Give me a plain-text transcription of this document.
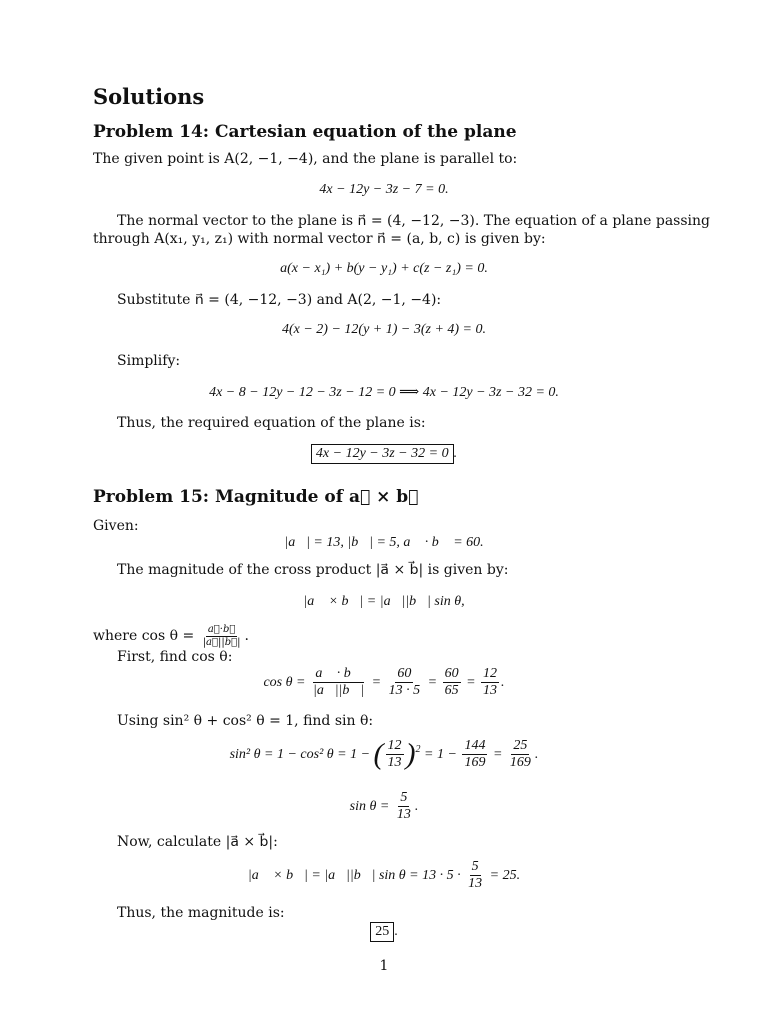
Solutions
Problem 14: Cartesian equation of the plane
The given point is A(2, −1, −4), and the plane is parallel to:
4x − 12y − 3z − 7 = 0.
The normal vector to the plane is n⃗ = (4, −12, −3). The equation of a plane passing
through A(x₁, y₁, z₁) with normal vector n⃗ = (a, b, c) is given by:
a(x − x₁) + b(y − y₁) + c(z − z₁) = 0.
Substitute n⃗ = (4, −12, −3) and A(2, −1, −4):
4(x − 2) − 12(y + 1) − 3(z + 4) = 0.
Simplify:
4x − 8 − 12y − 12 − 3z − 12 = 0 ⟹ 4x − 12y − 3z − 32 = 0.
Thus, the required equation of the plane is:
4x − 12y − 3z − 32 = 0 .
Problem 15: Magnitude of a⃗ × b⃗
Given:
|a⃗| = 13, |b⃗| = 5, a⃗ · b⃗ = 60.
The magnitude of the cross product |a⃗ × b⃗| is given by:
|a⃗ × b⃗| = |a⃗||b⃗| sin θ,
where $\cos \theta = \frac{a⃗\cdot b⃗}{|a⃗||b⃗|}$ .
First, find cos θ:
$\cos \theta = \frac{a⃗ \cdot b⃗}{|a⃗||b⃗|} = \frac{60}{13 \cdot 5} = \frac{60}{65} = \frac{12}{13}$ .
Using sin² θ + cos² θ = 1, find sin θ:
sin² θ = 1 − cos² θ = 1 − ( $\frac{12}{13} )^2 = 1 - \frac{144}{169} = \frac{25}{169}$ .
$\sin \theta = \frac{5}{13}$ .
Now, calculate |a⃗ × b⃗|:
|a⃗ × b⃗| = |a⃗||b⃗| $\sin \theta = 13 \cdot 5 \cdot \frac{5}{13} = 25$.
Thus, the magnitude is:
25 .
1
